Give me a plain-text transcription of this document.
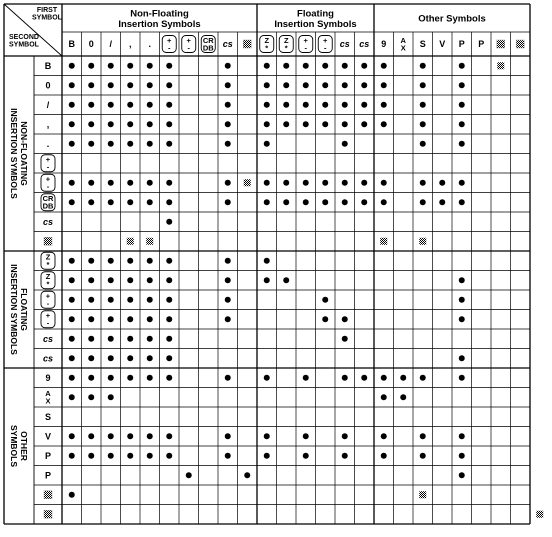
Non-Floating
Insertion Symbols
Floating
Insertion Symbols	Other Symbols
FIRST
SYMBOL
SECOND
SYMBOL
NON-FLOATING
INSERTION SYMBOLS
FLOATING
INSERTION SYMBOLS
OTHER
SYMBOLS
B 0 / , . +
-
+
-
CR
DB cs	Z
*
Z
*
+
-
+
- cs cs 9 A
X S V P P
B
0
/
,
.
+
-
+
-
CR
DB
cs
Z
*
Z
*
+
-
+
-
cs
cs
9
A
X
S
V
P
P
